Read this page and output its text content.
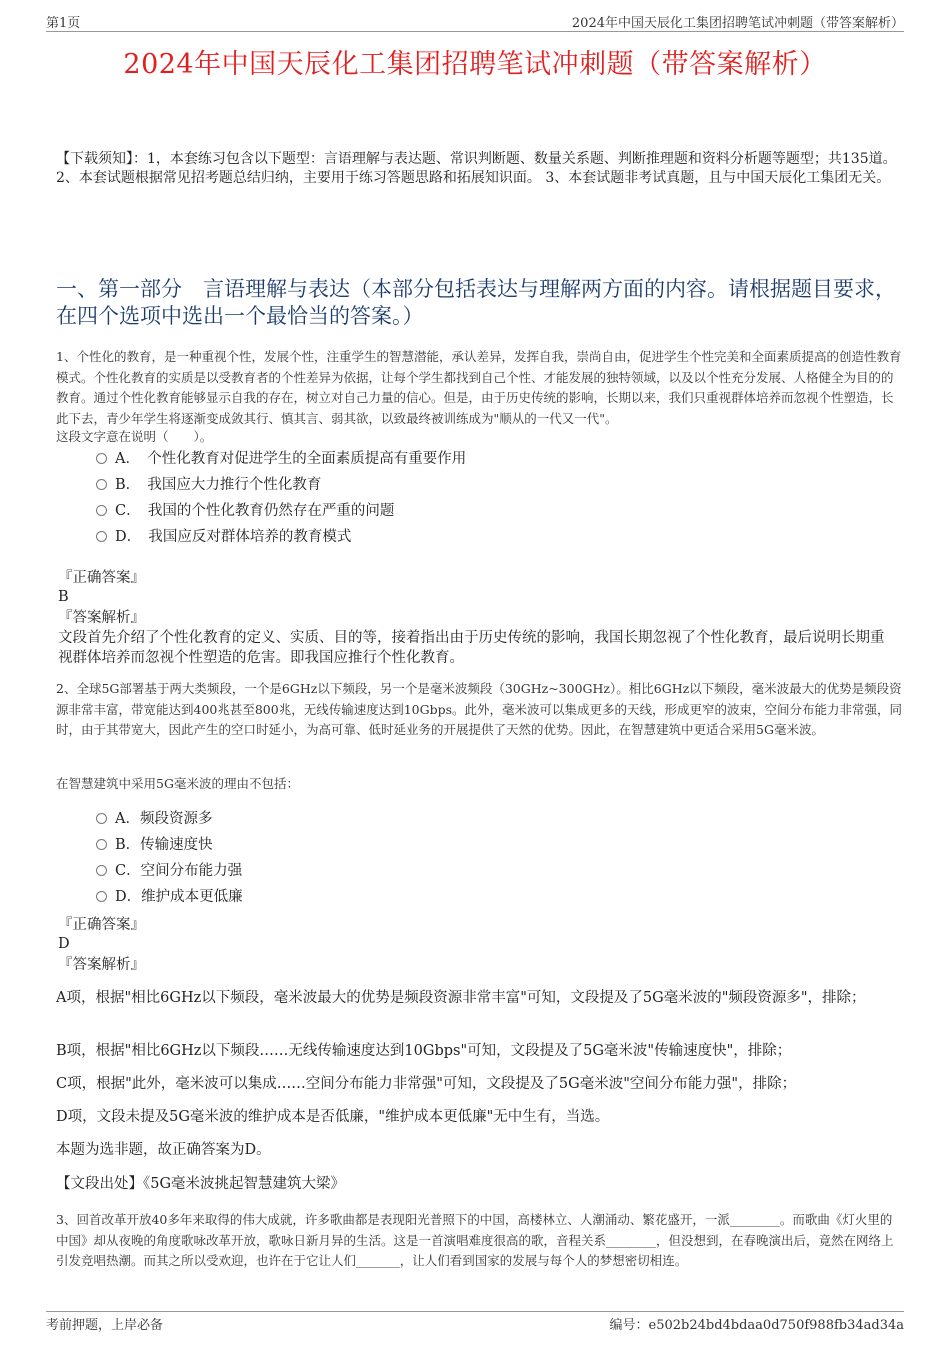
第1页	2024年中国天辰化工集团招聘笔试冲刺题（带答案解析）
2024年中国天辰化工集团招聘笔试冲刺题（带答案解析）
【下载须知】：1，本套练习包含以下题型：言语理解与表达题、常识判断题、数量关系题、判断推理题和资料分析题等题型；共135道。 2、本套试题根据常见招考题总结归纳，主要用于练习答题思路和拓展知识面。 3、本套试题非考试真题，且与中国天辰化工集团无关。
一、第一部分　言语理解与表达（本部分包括表达与理解两方面的内容。请根据题目要求，在四个选项中选出一个最恰当的答案。）
1、个性化的教育，是一种重视个性，发展个性，注重学生的智慧潜能，承认差异，发挥自我，崇尚自由，促进学生个性完美和全面素质提高的创造性教育模式。个性化教育的实质是以受教育者的个性差异为依据，让每个学生都找到自己个性、才能发展的独特领域，以及以个性充分发展、人格健全为目的的教育。通过个性化教育能够显示自我的存在，树立对自己力量的信心。但是，由于历史传统的影响，长期以来，我们只重视群体培养而忽视个性塑造，长此下去，青少年学生将逐渐变成敛其行、慎其言、弱其欲，以致最终被训练成为"顺从的一代又一代"。
这段文字意在说明（　　）。
A．　个性化教育对促进学生的全面素质提高有重要作用
B．　我国应大力推行个性化教育
C．　我国的个性化教育仍然存在严重的问题
D．　我国应反对群体培养的教育模式
『正确答案』
B
『答案解析』
文段首先介绍了个性化教育的定义、实质、目的等，接着指出由于历史传统的影响，我国长期忽视了个性化教育，最后说明长期重视群体培养而忽视个性塑造的危害。即我国应推行个性化教育。
2、全球5G部署基于两大类频段，一个是6GHz以下频段，另一个是毫米波频段（30GHz~300GHz）。相比6GHz以下频段，毫米波最大的优势是频段资源非常丰富，带宽能达到400兆甚至800兆，无线传输速度达到10Gbps。此外，毫米波可以集成更多的天线，形成更窄的波束，空间分布能力非常强，同时，由于其带宽大，因此产生的空口时延小，为高可靠、低时延业务的开展提供了天然的优势。因此，在智慧建筑中更适合采用5G毫米波。
在智慧建筑中采用5G毫米波的理由不包括：
A．频段资源多
B．传输速度快
C．空间分布能力强
D．维护成本更低廉
『正确答案』
D
『答案解析』
A项，根据"相比6GHz以下频段，毫米波最大的优势是频段资源非常丰富"可知，文段提及了5G毫米波的"频段资源多"，排除；
B项，根据"相比6GHz以下频段……无线传输速度达到10Gbps"可知，文段提及了5G毫米波"传输速度快"，排除；
C项，根据"此外，毫米波可以集成……空间分布能力非常强"可知，文段提及了5G毫米波"空间分布能力强"，排除；
D项，文段未提及5G毫米波的维护成本是否低廉，"维护成本更低廉"无中生有，当选。
本题为选非题，故正确答案为D。
【文段出处】《5G毫米波挑起智慧建筑大梁》
3、回首改革开放40多年来取得的伟大成就，许多歌曲都是表现阳光普照下的中国，高楼林立、人潮涌动、繁花盛开，一派________。而歌曲《灯火里的中国》却从夜晚的角度歌咏改革开放，歌咏日新月异的生活。这是一首演唱难度很高的歌，音程关系________，但没想到，在春晚演出后，竟然在网络上引发竞唱热潮。而其之所以受欢迎，也许在于它让人们_______，让人们看到国家的发展与每个人的梦想密切相连。
考前押题，上岸必备	编号：e502b24bd4bdaa0d750f988fb34ad34a
